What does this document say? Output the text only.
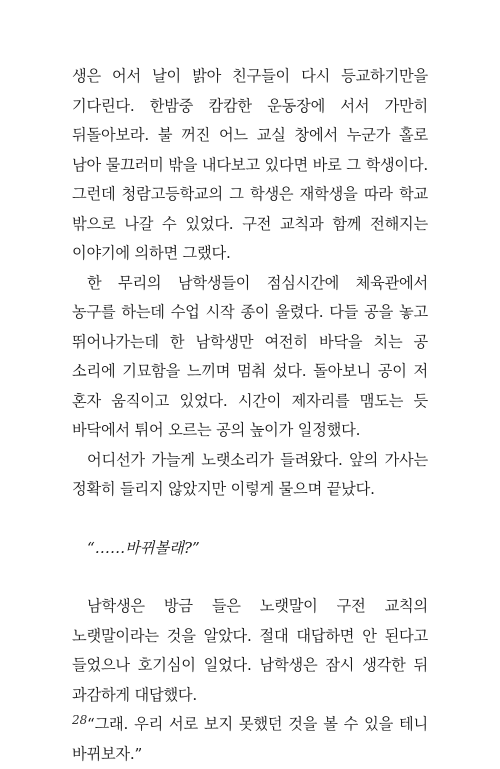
생은 어서 날이 밝아 친구들이 다시 등교하기만을 기다린다. 한밤중 캄캄한 운동장에 서서 가만히 뒤돌아보라. 불 꺼진 어느 교실 창에서 누군가 홀로 남아 물끄러미 밖을 내다보고 있다면 바로 그 학생이다. 그런데 청람고등학교의 그 학생은 재학생을 따라 학교 밖으로 나갈 수 있었다. 구전 교칙과 함께 전해지는 이야기에 의하면 그랬다.

한 무리의 남학생들이 점심시간에 체육관에서 농구를 하는데 수업 시작 종이 울렸다. 다들 공을 놓고 뛰어나가는데 한 남학생만 여전히 바닥을 치는 공 소리에 기묘함을 느끼며 멈춰 섰다. 돌아보니 공이 저 혼자 움직이고 있었다. 시간이 제자리를 맴도는 듯 바닥에서 튀어 오르는 공의 높이가 일정했다.

어디선가 가늘게 노랫소리가 들려왔다. 앞의 가사는 정확히 들리지 않았지만 이렇게 물으며 끝났다.

“……바뀌볼래?”

남학생은 방금 들은 노랫말이 구전 교칙의 노랫말이라는 것을 알았다. 절대 대답하면 안 된다고 들었으나 호기심이 일었다. 남학생은 잠시 생각한 뒤 과감하게 대답했다.

“그래. 우리 서로 보지 못했던 것을 볼 수 있을 테니 바뀌보자.”

28
